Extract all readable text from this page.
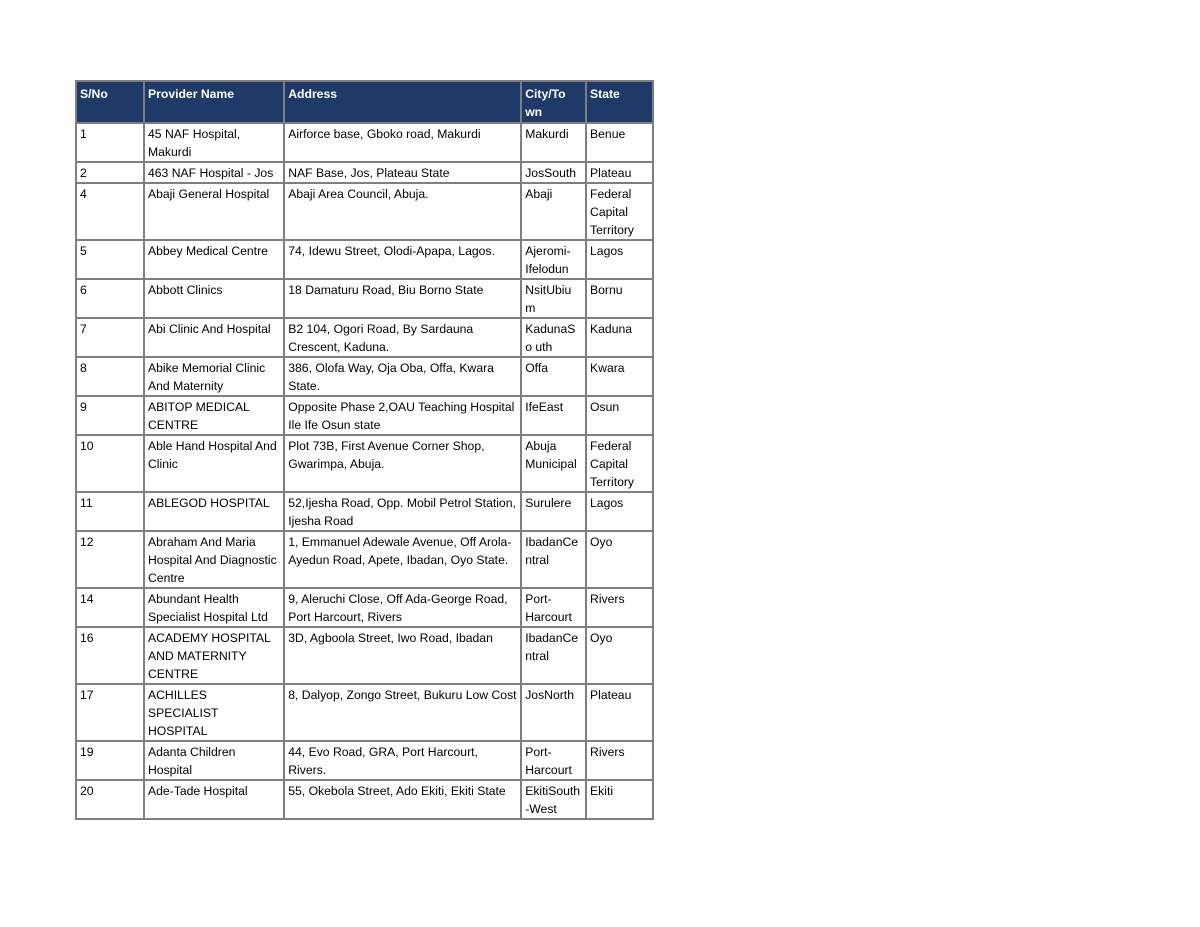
S/No	Provider Name	Address	City/To wn	State
1	45 NAF Hospital, Makurdi	Airforce base, Gboko road, Makurdi	Makurdi	Benue
2	463 NAF Hospital - Jos	NAF Base, Jos, Plateau State	JosSouth	Plateau
4	Abaji General Hospital	Abaji Area Council, Abuja.	Abaji	Federal Capital Territory
5	Abbey Medical Centre	74, Idewu Street, Olodi-Apapa, Lagos.	Ajeromi-Ifelodun	Lagos
6	Abbott Clinics	18 Damaturu Road, Biu Borno State	NsitUbiu m	Bornu
7	Abi Clinic And Hospital	B2 104, Ogori Road, By Sardauna Crescent, Kaduna.	KadunaSo uth	Kaduna
8	Abike Memorial Clinic And Maternity	386, Olofa Way, Oja Oba, Offa, Kwara State.	Offa	Kwara
9	ABITOP MEDICAL CENTRE	Opposite Phase 2,OAU Teaching Hospital Ile Ife Osun state	IfeEast	Osun
10	Able Hand Hospital And Clinic	Plot 73B, First Avenue Corner Shop, Gwarimpa, Abuja.	Abuja Municipal	Federal Capital Territory
11	ABLEGOD HOSPITAL	52,Ijesha Road, Opp. Mobil Petrol Station, Ijesha Road	Surulere	Lagos
12	Abraham And Maria Hospital And Diagnostic Centre	1, Emmanuel Adewale Avenue, Off Arola-Ayedun Road, Apete, Ibadan, Oyo State.	IbadanCe ntral	Oyo
14	Abundant Health Specialist Hospital Ltd	9, Aleruchi Close, Off Ada-George Road, Port Harcourt, Rivers	Port-Harcourt	Rivers
16	ACADEMY HOSPITAL AND MATERNITY CENTRE	3D, Agboola Street, Iwo Road, Ibadan	IbadanCe ntral	Oyo
17	ACHILLES SPECIALIST HOSPITAL	8, Dalyop, Zongo Street, Bukuru Low Cost	JosNorth	Plateau
19	Adanta Children Hospital	44, Evo Road, GRA, Port Harcourt, Rivers.	Port-Harcourt	Rivers
20	Ade-Tade Hospital	55, Okebola Street, Ado Ekiti, Ekiti State	EkitiSouth -West	Ekiti
